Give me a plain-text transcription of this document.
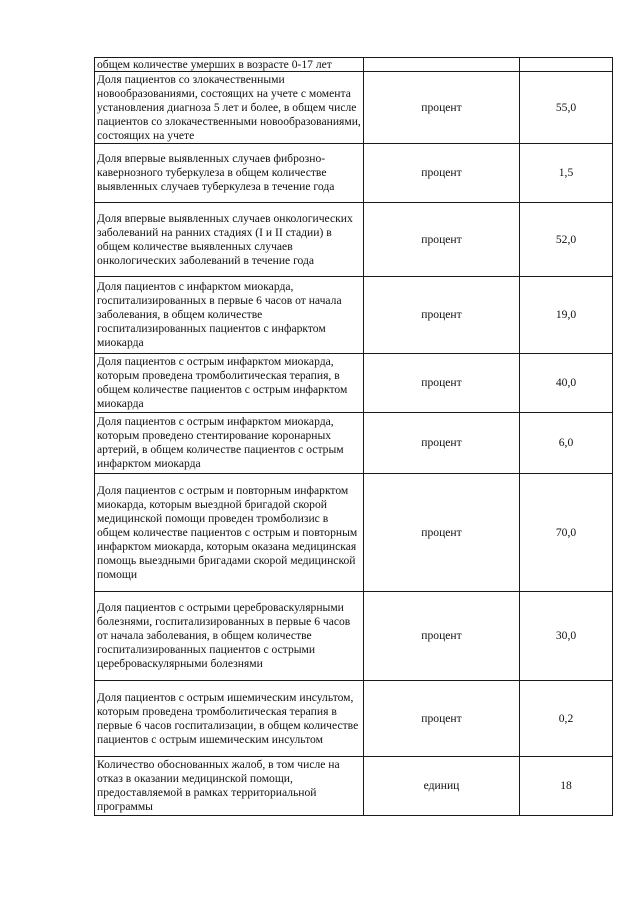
общем количестве умерших в возрасте 0-17 лет		
Доля пациентов со злокачественными новообразованиями, состоящих на учете с момента установления диагноза 5 лет и более, в общем числе пациентов со злокачественными новообразованиями, состоящих на учете	процент	55,0
Доля впервые выявленных случаев фиброзно-кавернозного туберкулеза в общем количестве выявленных случаев туберкулеза в течение года	процент	1,5
Доля впервые выявленных случаев онкологических заболеваний на ранних стадиях (I и II стадии) в общем количестве выявленных случаев онкологических заболеваний в течение года	процент	52,0
Доля пациентов с инфарктом миокарда, госпитализированных в первые 6 часов от начала заболевания, в общем количестве госпитализированных пациентов с инфарктом миокарда	процент	19,0
Доля пациентов с острым инфарктом миокарда, которым проведена тромболитическая терапия, в общем количестве пациентов с острым инфарктом миокарда	процент	40,0
Доля пациентов с острым инфарктом миокарда, которым проведено стентирование коронарных артерий, в общем количестве пациентов с острым инфарктом миокарда	процент	6,0
Доля пациентов с острым и повторным инфарктом миокарда, которым выездной бригадой скорой медицинской помощи проведен тромболизис в общем количестве пациентов с острым и повторным инфарктом миокарда, которым оказана медицинская помощь выездными бригадами скорой медицинской помощи	процент	70,0
Доля пациентов с острыми цереброваскулярными болезнями, госпитализированных в первые 6 часов от начала заболевания, в общем количестве госпитализированных пациентов с острыми цереброваскулярными болезнями	процент	30,0
Доля пациентов с острым ишемическим инсультом, которым проведена тромболитическая терапия в первые 6 часов госпитализации, в общем количестве пациентов с острым ишемическим инсультом	процент	0,2
Количество обоснованных жалоб, в том числе на отказ в оказании медицинской помощи, предоставляемой в рамках территориальной программы	единиц	18
